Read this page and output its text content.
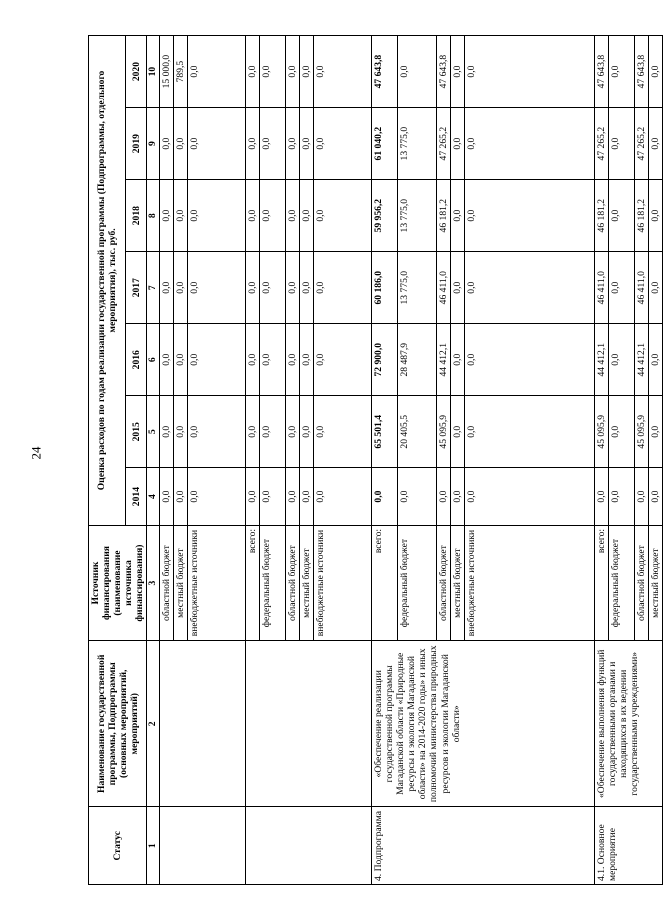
24
Статус	Наименование государственной программы, Подпрограммы (основных мероприятий, мероприятий)	Источник финансирования (наименование источника финансирования)	Оценка расходов по годам реализации государственной программы (Подпрограммы, отдельного мероприятия), тыс. руб.						
			2014	2015	2016	2017	2018	2019	2020
1	2	3	4	5	6	7	8	9	10
		областной бюджет	0,0	0,0	0,0	0,0	0,0	0,0	15 000,0
		местный бюджет	0,0	0,0	0,0	0,0	0,0	0,0	789,5
		внебюджетные источники	0,0	0,0	0,0	0,0	0,0	0,0	0,0
		всего:	0,0	0,0	0,0	0,0	0,0	0,0	0,0
		федеральный бюджет	0,0	0,0	0,0	0,0	0,0	0,0	0,0
		областной бюджет	0,0	0,0	0,0	0,0	0,0	0,0	0,0
		местный бюджет	0,0	0,0	0,0	0,0	0,0	0,0	0,0
		внебюджетные источники	0,0	0,0	0,0	0,0	0,0	0,0	0,0
4. Подпрограмма	«Обеспечение реализации государственной программы Магаданской области «Природные ресурсы и экология Магаданской области» на 2014-2020 годы» и иных полномочий министерства природных ресурсов и экологии Магаданской области»	всего:	0,0	65 501,4	72 900,0	60 186,0	59 956,2	61 040,2	47 643,8
		федеральный бюджет	0,0	20 405,5	28 487,9	13 775,0	13 775,0	13 775,0	0,0
		областной бюджет	0,0	45 095,9	44 412,1	46 411,0	46 181,2	47 265,2	47 643,8
		местный бюджет	0,0	0,0	0,0	0,0	0,0	0,0	0,0
		внебюджетные источники	0,0	0,0	0,0	0,0	0,0	0,0	0,0
4.1. Основное мероприятие	«Обеспечение выполнения функций государственными органами и находящихся в их ведении государственными учреждениями»	всего:	0,0	45 095,9	44 412,1	46 411,0	46 181,2	47 265,2	47 643,8
		федеральный бюджет	0,0	0,0	0,0	0,0	0,0	0,0	0,0
		областной бюджет	0,0	45 095,9	44 412,1	46 411,0	46 181,2	47 265,2	47 643,8
		местный бюджет	0,0	0,0	0,0	0,0	0,0	0,0	0,0
